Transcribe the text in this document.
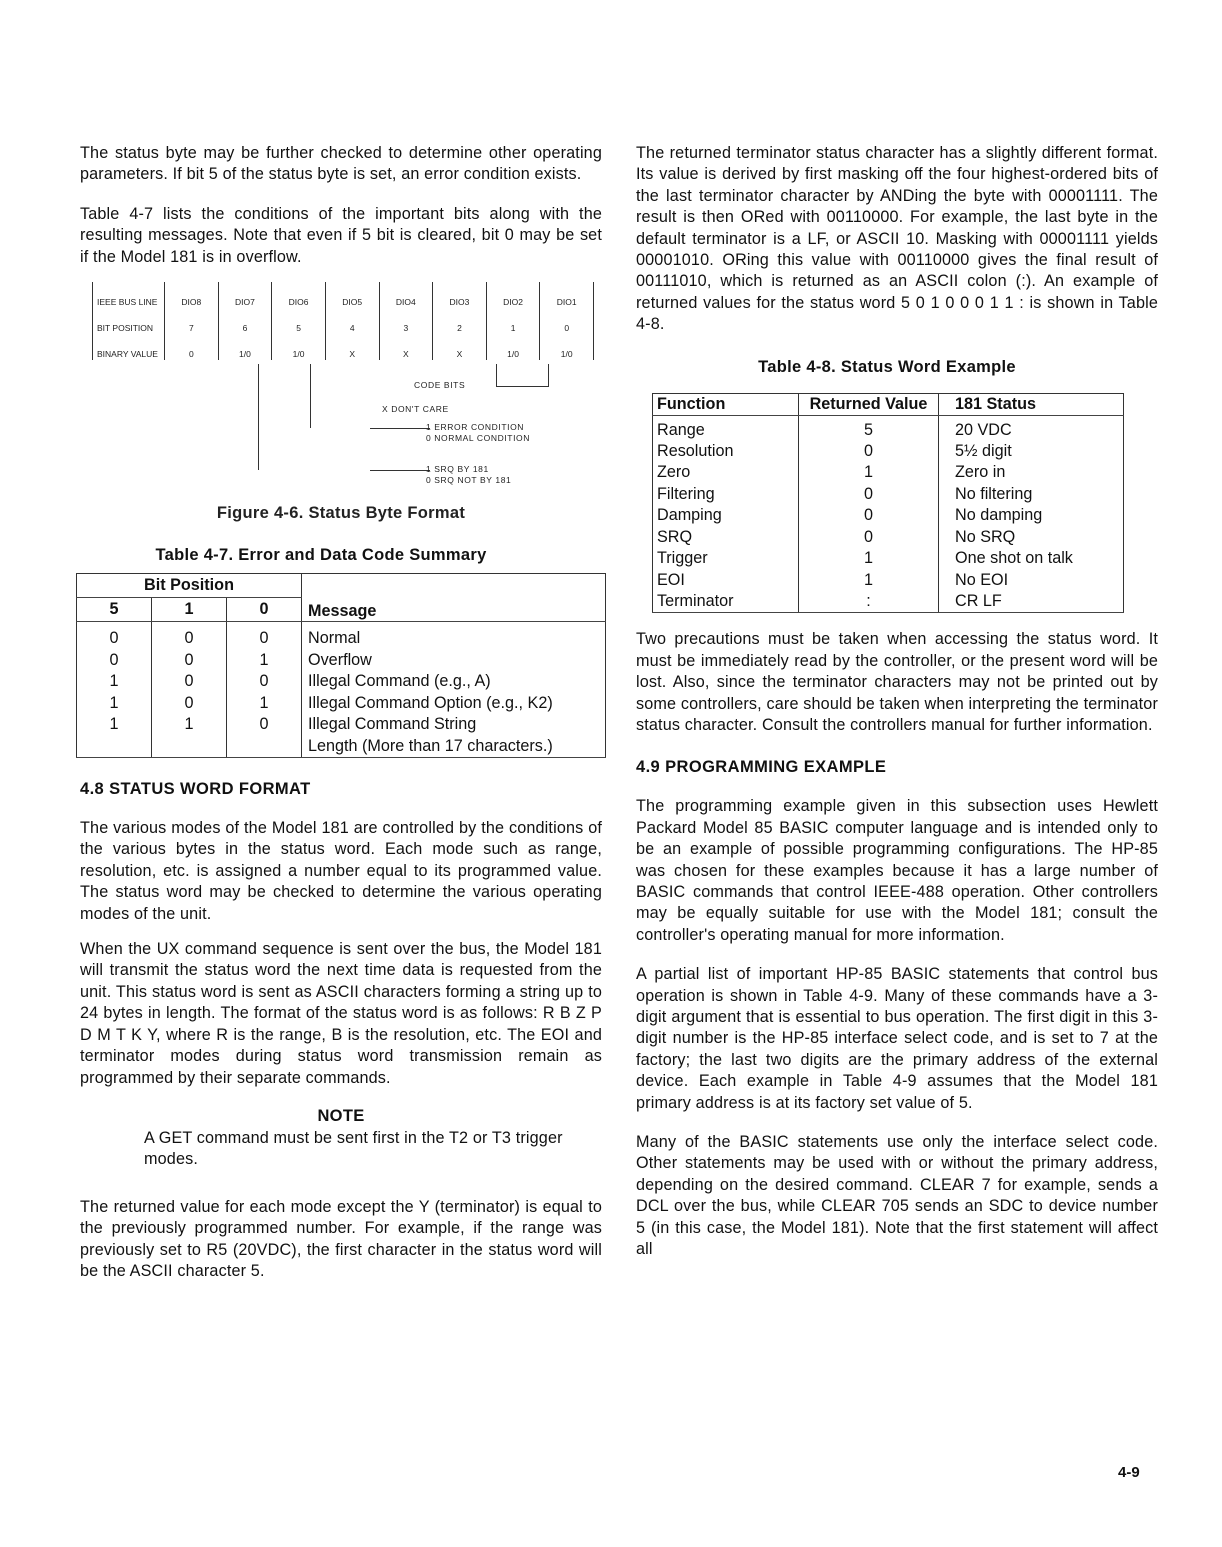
The status byte may be further checked to determine other operating parameters. If bit 5 of the status byte is set, an error condition exists.

Table 4-7 lists the conditions of the important bits along with the resulting messages. Note that even if 5 bit is cleared, bit 0 may be set if the Model 181 is in overflow.

IEEE BUS LINE	DIO8	DIO7	DIO6	DIO5	DIO4	DIO3	DIO2	DIO1
BIT POSITION	7	6	5	4	3	2	1	0
BINARY VALUE	0	1/0	1/0	X	X	X	1/0	1/0
CODE BITS
X DON'T CARE
1 ERROR CONDITION
0 NORMAL CONDITION
1 SRQ BY 181
0 SRQ NOT BY 181
Figure 4-6. Status Byte Format
Table 4-7. Error and Data Code Summary
Bit Position			Message
5	1	0	
0	0	0	Normal
0	0	1	Overflow
1	0	0	Illegal Command (e.g., A)
1	0	1	Illegal Command Option (e.g., K2)
1	1	0	Illegal Command String
			Length (More than 17 characters.)
4.8 STATUS WORD FORMAT

The various modes of the Model 181 are controlled by the conditions of the various bytes in the status word. Each mode such as range, resolution, etc. is assigned a number equal to its programmed value. The status word may be checked to determine the various operating modes of the unit.

When the UX command sequence is sent over the bus, the Model 181 will transmit the status word the next time data is requested from the unit. This status word is sent as ASCII characters forming a string up to 24 bytes in length. The format of the status word is as follows: R B Z P D M T K Y, where R is the range, B is the resolution, etc. The EOI and terminator modes during status word transmission remain as programmed by their separate commands.

NOTE

A GET command must be sent first in the T2 or T3 trigger modes.

The returned value for each mode except the Y (terminator) is equal to the previously programmed number. For example, if the range was previously set to R5 (20VDC), the first character in the status word will be the ASCII character 5.

The returned terminator status character has a slightly different format. Its value is derived by first masking off the four highest-ordered bits of the last terminator character by ANDing the byte with 00001111. The result is then ORed with 00110000. For example, the last byte in the default terminator is a LF, or ASCII 10. Masking with 00001111 yields 00001010. ORing this value with 00110000 gives the final result of 00111010, which is returned as an ASCII colon (:). An example of returned values for the status word 5 0 1 0 0 0 1 1 : is shown in Table 4-8.

Table 4-8. Status Word Example
Function	Returned Value	181 Status
Range	5	20 VDC
Resolution	0	5½ digit
Zero	1	Zero in
Filtering	0	No filtering
Damping	0	No damping
SRQ	0	No SRQ
Trigger	1	One shot on talk
EOI	1	No EOI
Terminator	:	CR LF

Two precautions must be taken when accessing the status word. It must be immediately read by the controller, or the present word will be lost. Also, since the terminator characters may not be printed out by some controllers, care should be taken when interpreting the terminator status character. Consult the controllers manual for further information.

4.9 PROGRAMMING EXAMPLE

The programming example given in this subsection uses Hewlett Packard Model 85 BASIC computer language and is intended only to be an example of possible programming configurations. The HP-85 was chosen for these examples because it has a large number of BASIC commands that control IEEE-488 operation. Other controllers may be equally suitable for use with the Model 181; consult the controller's operating manual for more information.

A partial list of important HP-85 BASIC statements that control bus operation is shown in Table 4-9. Many of these commands have a 3-digit argument that is essential to bus operation. The first digit in this 3-digit number is the HP-85 interface select code, and is set to 7 at the factory; the last two digits are the primary address of the external device. Each example in Table 4-9 assumes that the Model 181 primary address is at its factory set value of 5.

Many of the BASIC statements use only the interface select code. Other statements may be used with or without the primary address, depending on the desired command. CLEAR 7 for example, sends a DCL over the bus, while CLEAR 705 sends an SDC to device number 5 (in this case, the Model 181). Note that the first statement will affect all

4-9
